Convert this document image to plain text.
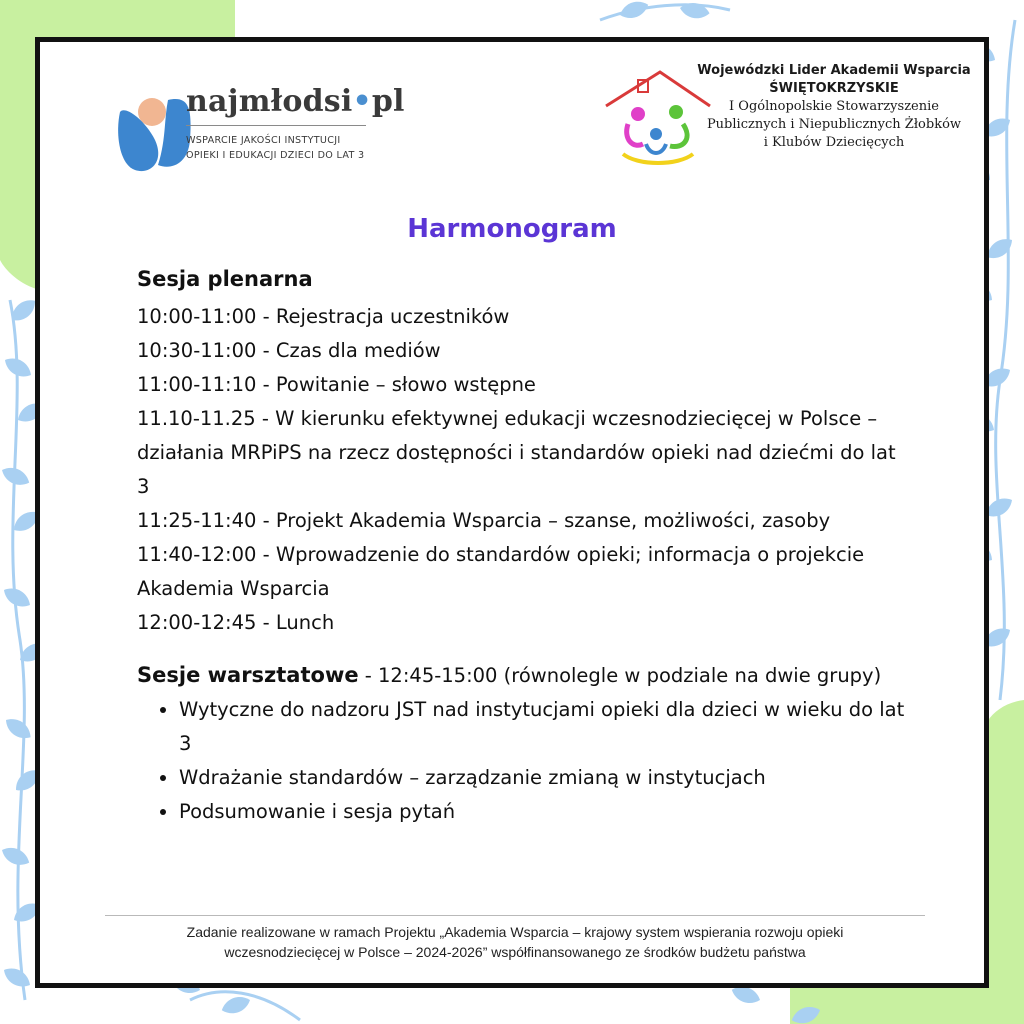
najmłodsi•pl
WSPARCIE JAKOŚCI INSTYTUCJI
OPIEKI I EDUKACJI DZIECI DO LAT 3
Wojewódzki Lider Akademii Wsparcia
ŚWIĘTOKRZYSKIE
I Ogólnopolskie Stowarzyszenie
Publicznych i Niepublicznych Żłobków
i Klubów Dziecięcych
Harmonogram
Sesja plenarna

10:00-11:00 - Rejestracja uczestników

10:30-11:00 - Czas dla mediów

11:00-11:10 - Powitanie – słowo wstępne

11.10-11.25 - W kierunku efektywnej edukacji wczesnodziecięcej w Polsce – działania MRPiPS na rzecz dostępności i standardów opieki nad dziećmi do lat 3

11:25-11:40 - Projekt Akademia Wsparcia – szanse, możliwości, zasoby

11:40-12:00 - Wprowadzenie do standardów opieki; informacja o projekcie Akademia Wsparcia

12:00-12:45 - Lunch

Sesje warsztatowe - 12:45-15:00 (równolegle w podziale na dwie grupy)
• Wytyczne do nadzoru JST nad instytucjami opieki dla dzieci w wieku do lat 3
• Wdrażanie standardów – zarządzanie zmianą w instytucjach
• Podsumowanie i sesja pytań
Zadanie realizowane w ramach Projektu „Akademia Wsparcia – krajowy system wspierania rozwoju opieki
wczesnodziecięcej w Polsce – 2024-2026” współfinansowanego ze środków budżetu państwa
